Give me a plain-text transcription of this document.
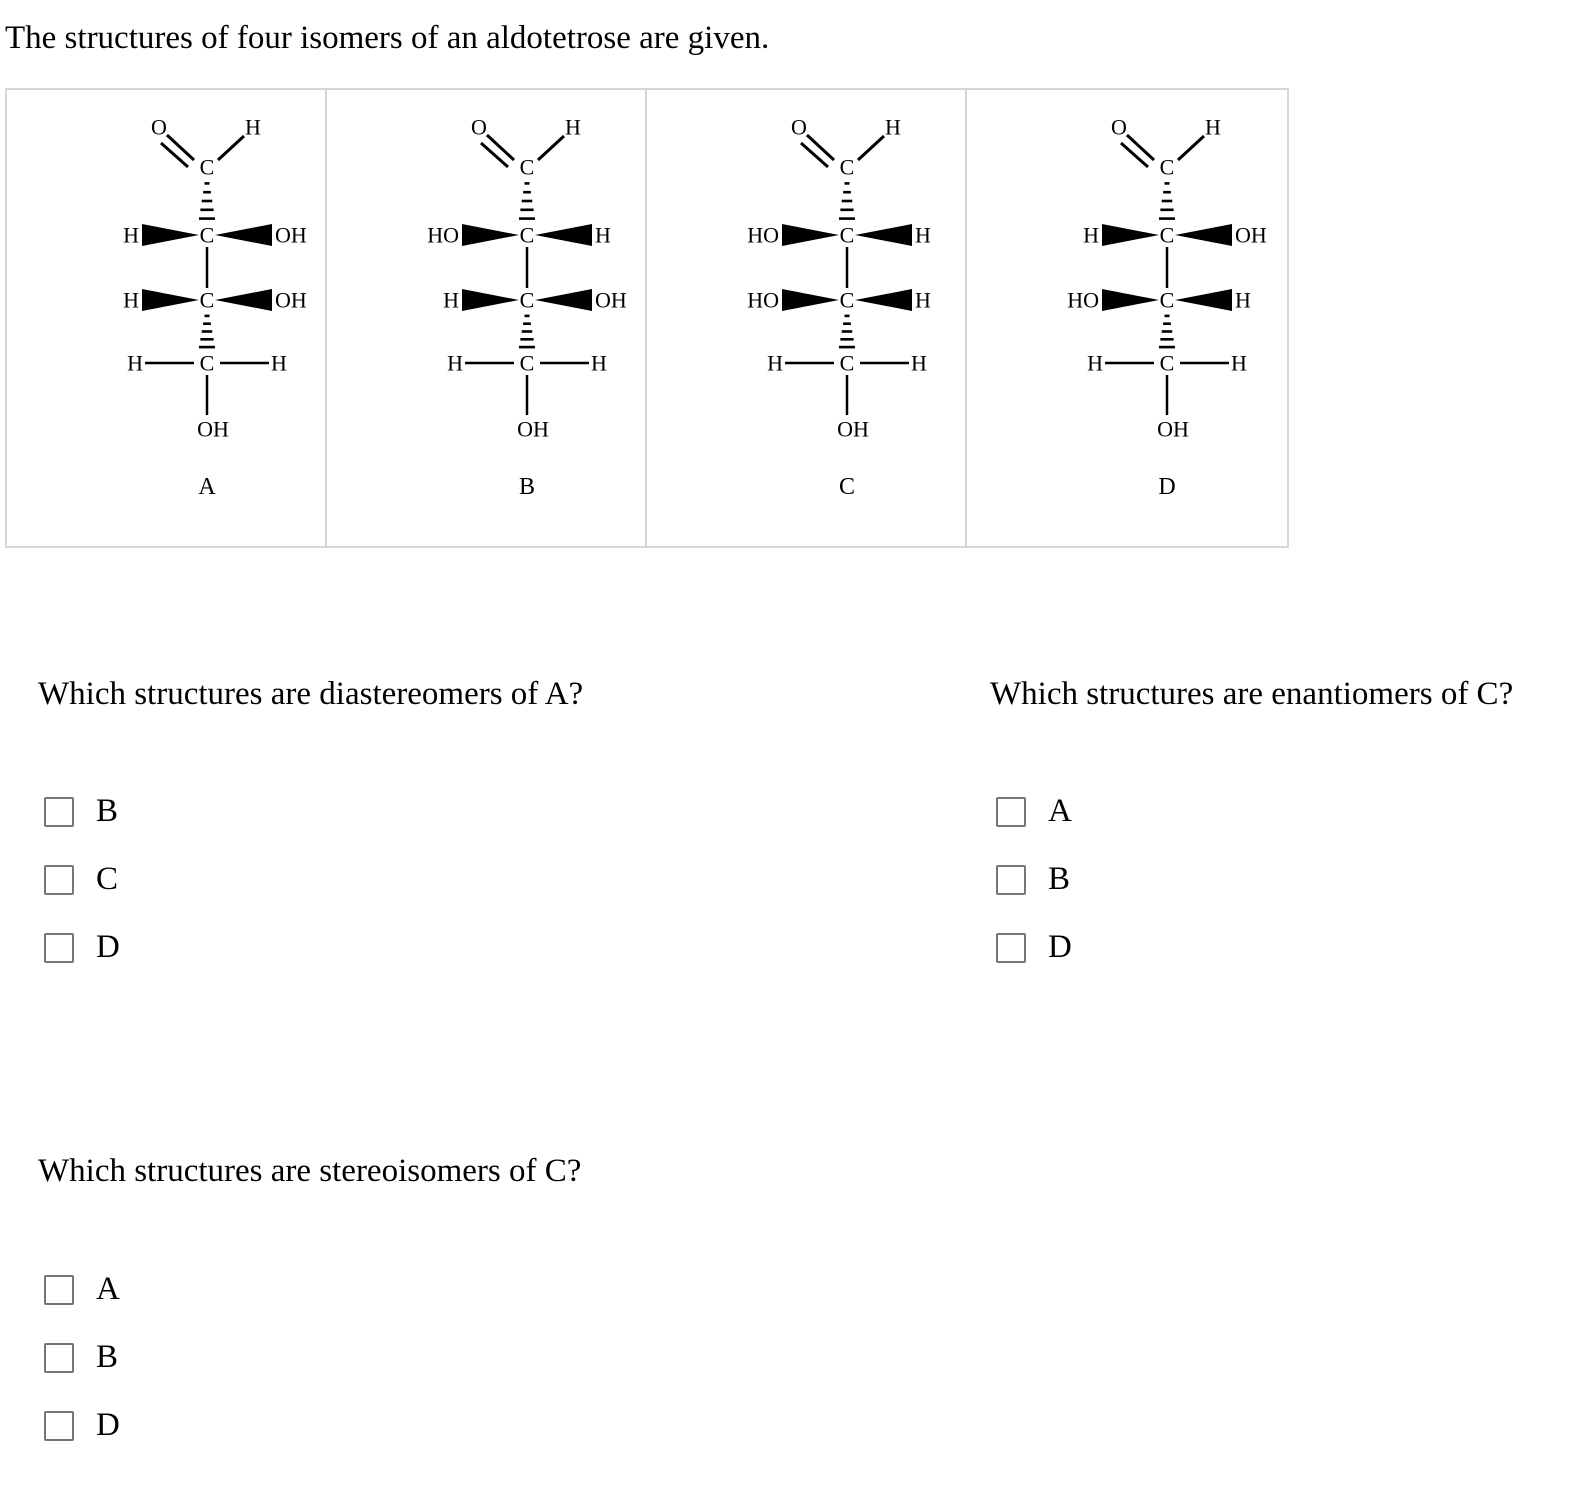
The structures of four isomers of an aldotetrose are given.
O	H
C
C
H	OH
C
H	OH
C
H	H
OH
A
O	H
C
C
HO	H
C
H	OH
C
H	H
OH
B
O	H
C
C
HO	H
C
HO	H
C
H	H
OH
C
O	H
C
C
H	OH
C
HO	H
C
H	H
OH
D
Which structures are diastereomers of A?
B
C
D
Which structures are enantiomers of C?
A
B
D
Which structures are stereoisomers of C?
A
B
D
